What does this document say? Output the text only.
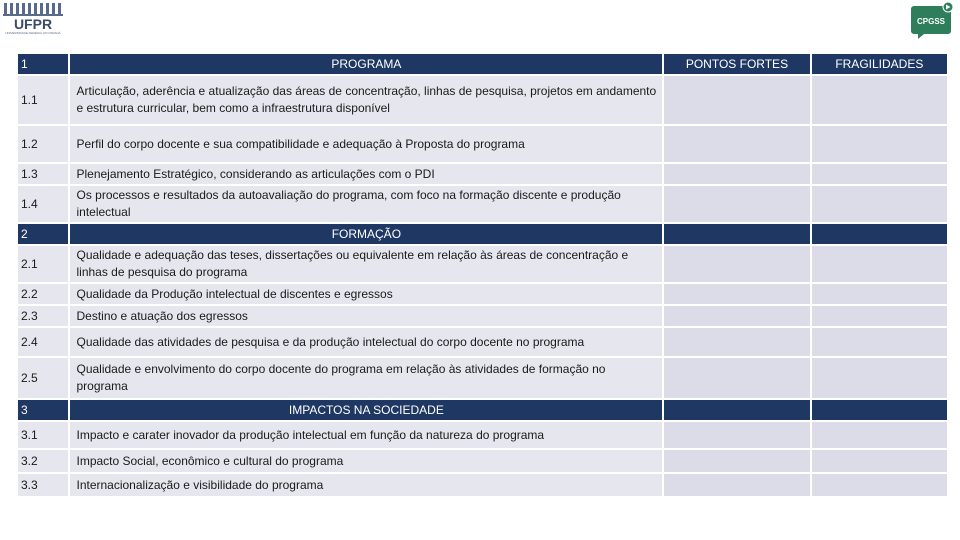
UFPR
UNIVERSIDADE FEDERAL DO PARANÁ
CPGSS
1	PROGRAMA	PONTOS FORTES	FRAGILIDADES
1.1	Articulação, aderência e atualização das áreas de concentração, linhas de pesquisa, projetos em andamento e estrutura curricular, bem como a infraestrutura disponível		
1.2	Perfil do corpo docente e sua compatibilidade e adequação à Proposta do programa		
1.3	Plenejamento Estratégico, considerando as articulações com o PDI		
1.4	Os processos e resultados da autoavaliação do programa, com foco na formação discente e produção intelectual		
2	FORMAÇÃO		
2.1	Qualidade e adequação das teses, dissertações ou equivalente em relação às áreas de concentração e linhas de pesquisa do programa		
2.2	Qualidade da Produção intelectual de discentes e egressos		
2.3	Destino e atuação dos egressos		
2.4	Qualidade das atividades de pesquisa e da produção intelectual do corpo docente no programa		
2.5	Qualidade e envolvimento do corpo docente do programa em relação às atividades de formação no programa		
3	IMPACTOS NA SOCIEDADE		
3.1	Impacto e carater inovador da produção intelectual em função da natureza do programa		
3.2	Impacto Social, econômico e cultural do programa		
3.3	Internacionalização e visibilidade do programa		
